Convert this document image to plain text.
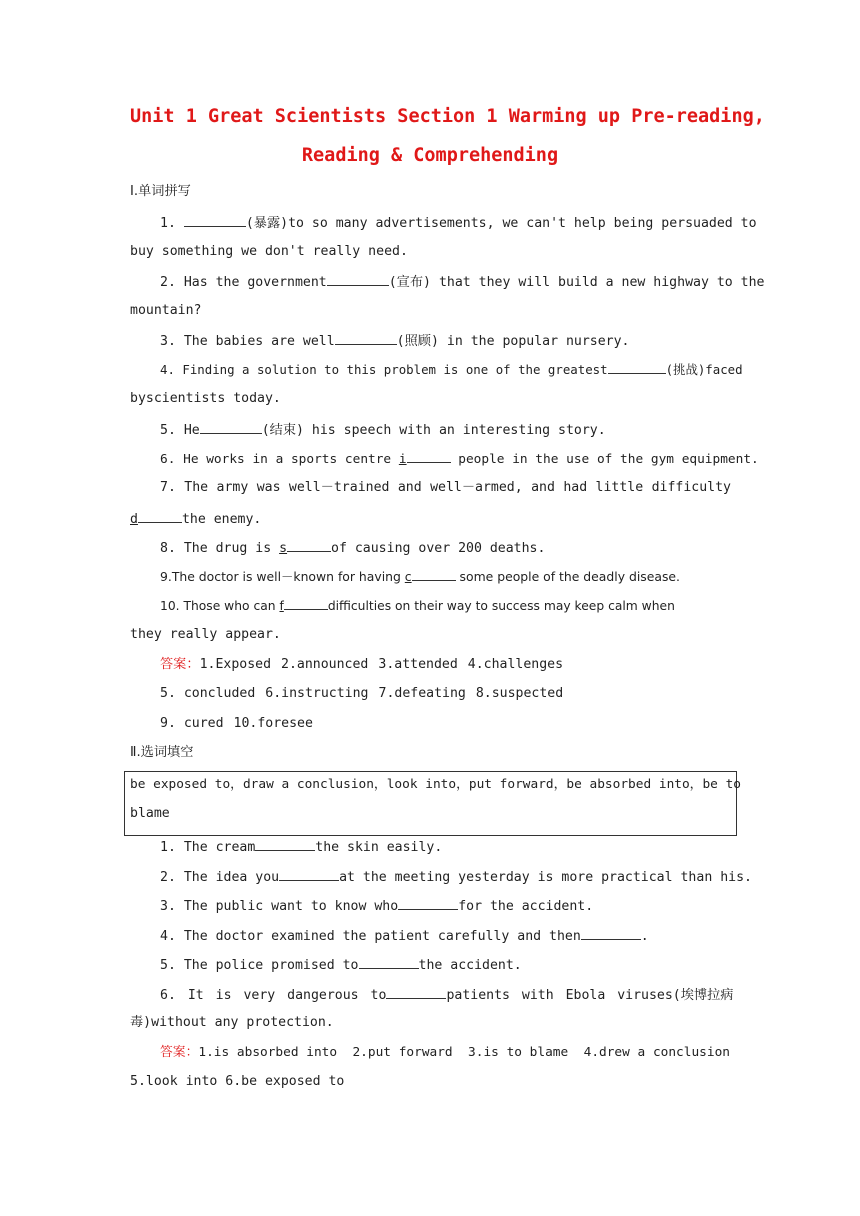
Unit 1 Great Scientists Section 1 Warming up Pre-reading,
Reading & Comprehending
Ⅰ.单词拼写
1.	(暴露)to so many advertisements, we can't help being persuaded to
buy something we don't really need.
2. Has the government	(宣布) that they will build a new highway to the
mountain?
3. The babies are well	(照顾) in the popular nursery.
4. Finding a solution to this problem is one of the greatest	(挑战)faced
byscientists today.
5. He	(结束) his speech with an interesting story.
6. He works in a sports centre i	people in the use of the gym equipment.
7. The army was well－trained and well－armed, and had little difficulty
d	the enemy.
8. The drug is s	of causing over 200 deaths.
9.The doctor is well－known for having c	some people of the deadly disease.
10. Those who can f	difficulties on their way to success may keep calm when
they really appear.
答案：1.Exposed 2.announced 3.attended 4.challenges
5. concluded 6.instructing 7.defeating 8.suspected
9. cured 10.foresee
Ⅱ.选词填空
be exposed to，draw a conclusion，look into，put forward，be absorbed into，be to
blame
1. The cream	the skin easily.
2. The idea you	at the meeting yesterday is more practical than his.
3. The public want to know who	for the accident.
4. The doctor examined the patient carefully and then	.
5. The police promised to	the accident.
6. It is very dangerous to	patients with Ebola viruses(埃博拉病
毒)without any protection.
答案：1.is absorbed into  2.put forward  3.is to blame  4.drew a conclusion
5.look into 6.be exposed to
